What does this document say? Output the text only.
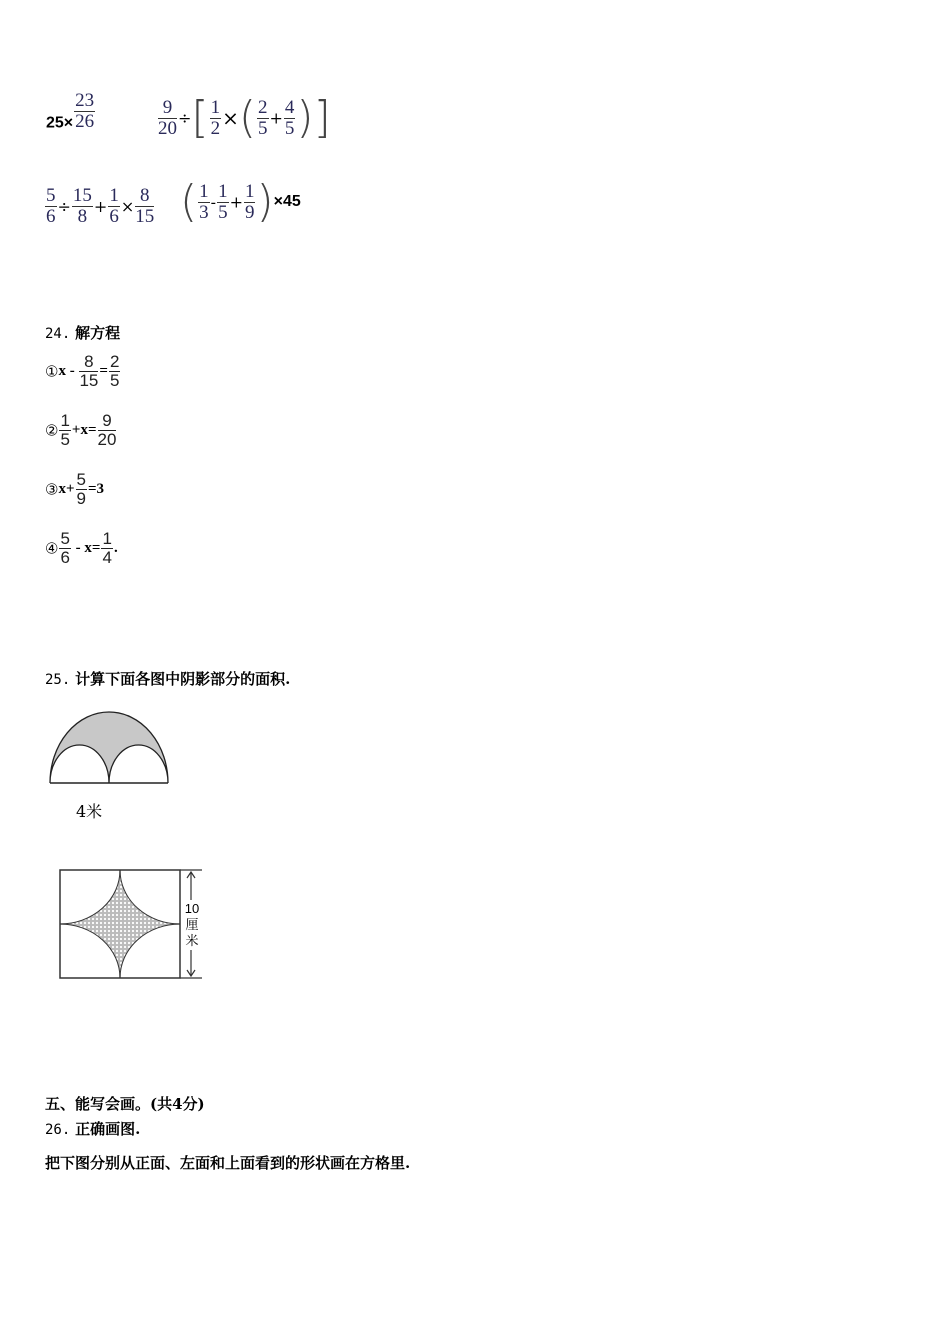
$25\times \frac{23}{26}$	$\frac{9}{20}$ ÷[ $\frac{1}{2}$ ×( $\frac{2}{5} + \frac{4}{5}$ )]
$\frac{5}{6} \div \frac{15}{8} + \frac{1}{6} \times \frac{8}{15}$ ( $\frac{1}{3} - \frac{1}{5} + \frac{1}{9} )\times 45$
24. 解方程
①x - $\frac{8}{15} = \frac{2}{5}$
② $\frac{1}{5} +x= \frac{9}{20}$
③x+ $\frac{5}{9} =3$
④ $\frac{5}{6} - x= \frac{1}{4}$ .
25. 计算下面各图中阴影部分的面积.
4米
10
厘
米
五、能写会画。(共4分)
26. 正确画图.
把下图分别从正面、左面和上面看到的形状画在方格里.
